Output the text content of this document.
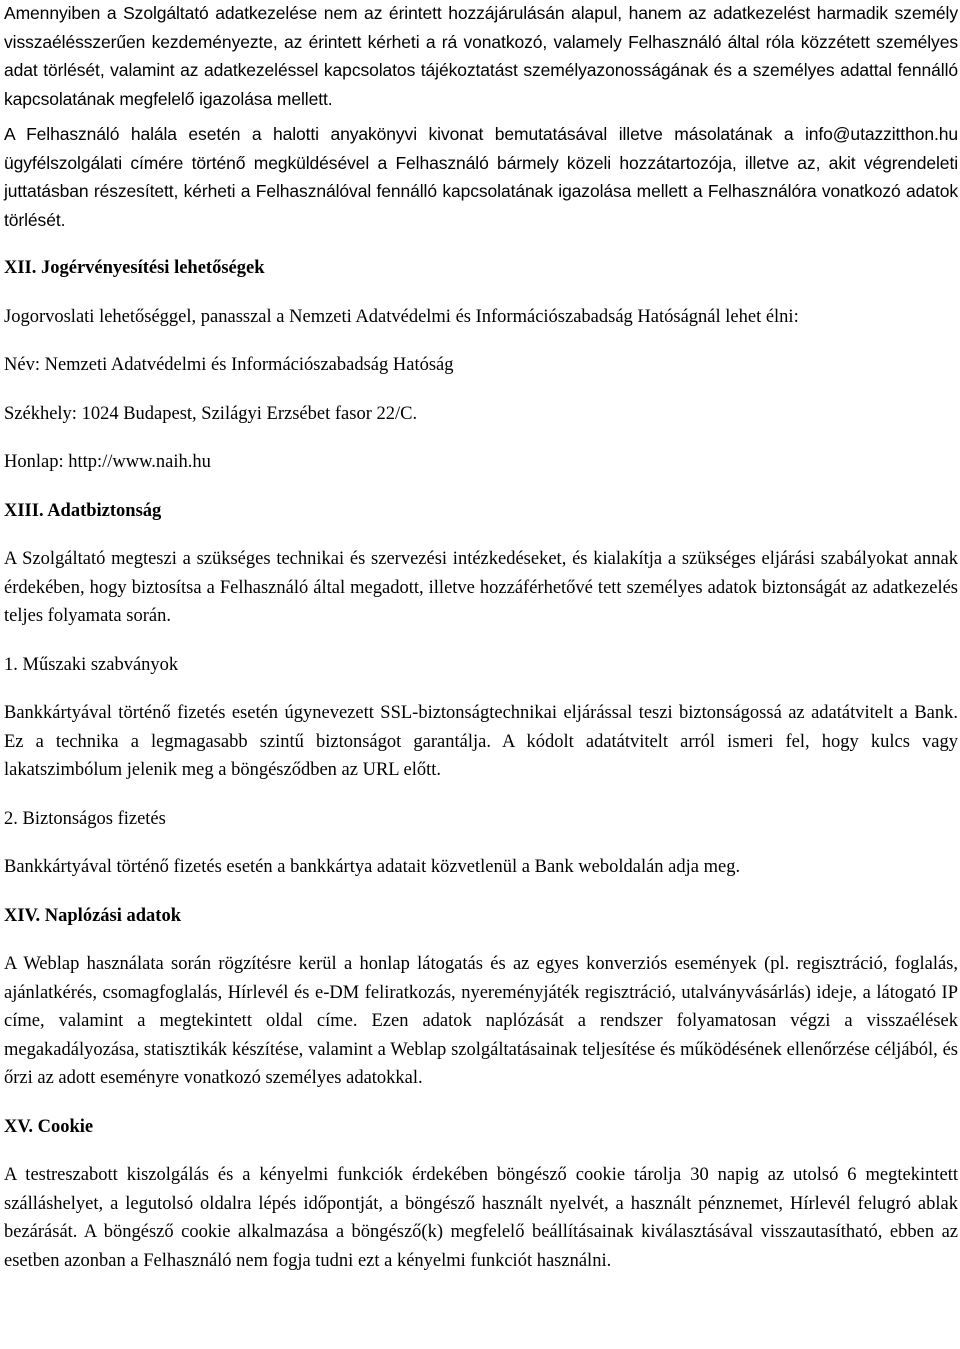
Amennyiben a Szolgáltató adatkezelése nem az érintett hozzájárulásán alapul, hanem az adatkezelést harmadik személy visszaélésszerűen kezdeményezte, az érintett kérheti a rá vonatkozó, valamely Felhasználó által róla közzétett személyes adat törlését, valamint az adatkezeléssel kapcsolatos tájékoztatást személyazonosságának és a személyes adattal fennálló kapcsolatának megfelelő igazolása mellett.

A Felhasználó halála esetén a halotti anyakönyvi kivonat bemutatásával illetve másolatának a info@utazzitthon.hu ügyfélszolgálati címére történő megküldésével a Felhasználó bármely közeli hozzátartozója, illetve az, akit végrendeleti juttatásban részesített, kérheti a Felhasználóval fennálló kapcsolatának igazolása mellett a Felhasználóra vonatkozó adatok törlését.

XII. Jogérvényesítési lehetőségek

Jogorvoslati lehetőséggel, panasszal a Nemzeti Adatvédelmi és Információszabadság Hatóságnál lehet élni:

Név: Nemzeti Adatvédelmi és Információszabadság Hatóság

Székhely: 1024 Budapest, Szilágyi Erzsébet fasor 22/C.

Honlap: http://www.naih.hu

XIII. Adatbiztonság

A Szolgáltató megteszi a szükséges technikai és szervezési intézkedéseket, és kialakítja a szükséges eljárási szabályokat annak érdekében, hogy biztosítsa a Felhasználó által megadott, illetve hozzáférhetővé tett személyes adatok biztonságát az adatkezelés teljes folyamata során.

1. Műszaki szabványok

Bankkártyával történő fizetés esetén úgynevezett SSL-biztonságtechnikai eljárással teszi biztonságossá az adatátvitelt a Bank. Ez a technika a legmagasabb szintű biztonságot garantálja. A kódolt adatátvitelt arról ismeri fel, hogy kulcs vagy lakatszimbólum jelenik meg a böngésződben az URL előtt.

2. Biztonságos fizetés

Bankkártyával történő fizetés esetén a bankkártya adatait közvetlenül a Bank weboldalán adja meg.

XIV. Naplózási adatok

A Weblap használata során rögzítésre kerül a honlap látogatás és az egyes konverziós események (pl. regisztráció, foglalás, ajánlatkérés, csomagfoglalás, Hírlevél és e-DM feliratkozás, nyereményjáték regisztráció, utalványvásárlás) ideje, a látogató IP címe, valamint a megtekintett oldal címe. Ezen adatok naplózását a rendszer folyamatosan végzi a visszaélések megakadályozása, statisztikák készítése, valamint a Weblap szolgáltatásainak teljesítése és működésének ellenőrzése céljából, és őrzi az adott eseményre vonatkozó személyes adatokkal.

XV. Cookie

A testreszabott kiszolgálás és a kényelmi funkciók érdekében böngésző cookie tárolja 30 napig az utolsó 6 megtekintett szálláshelyet, a legutolsó oldalra lépés időpontját, a böngésző használt nyelvét, a használt pénznemet, Hírlevél felugró ablak bezárását. A böngésző cookie alkalmazása a böngésző(k) megfelelő beállításainak kiválasztásával visszautasítható, ebben az esetben azonban a Felhasználó nem fogja tudni ezt a kényelmi funkciót használni.
